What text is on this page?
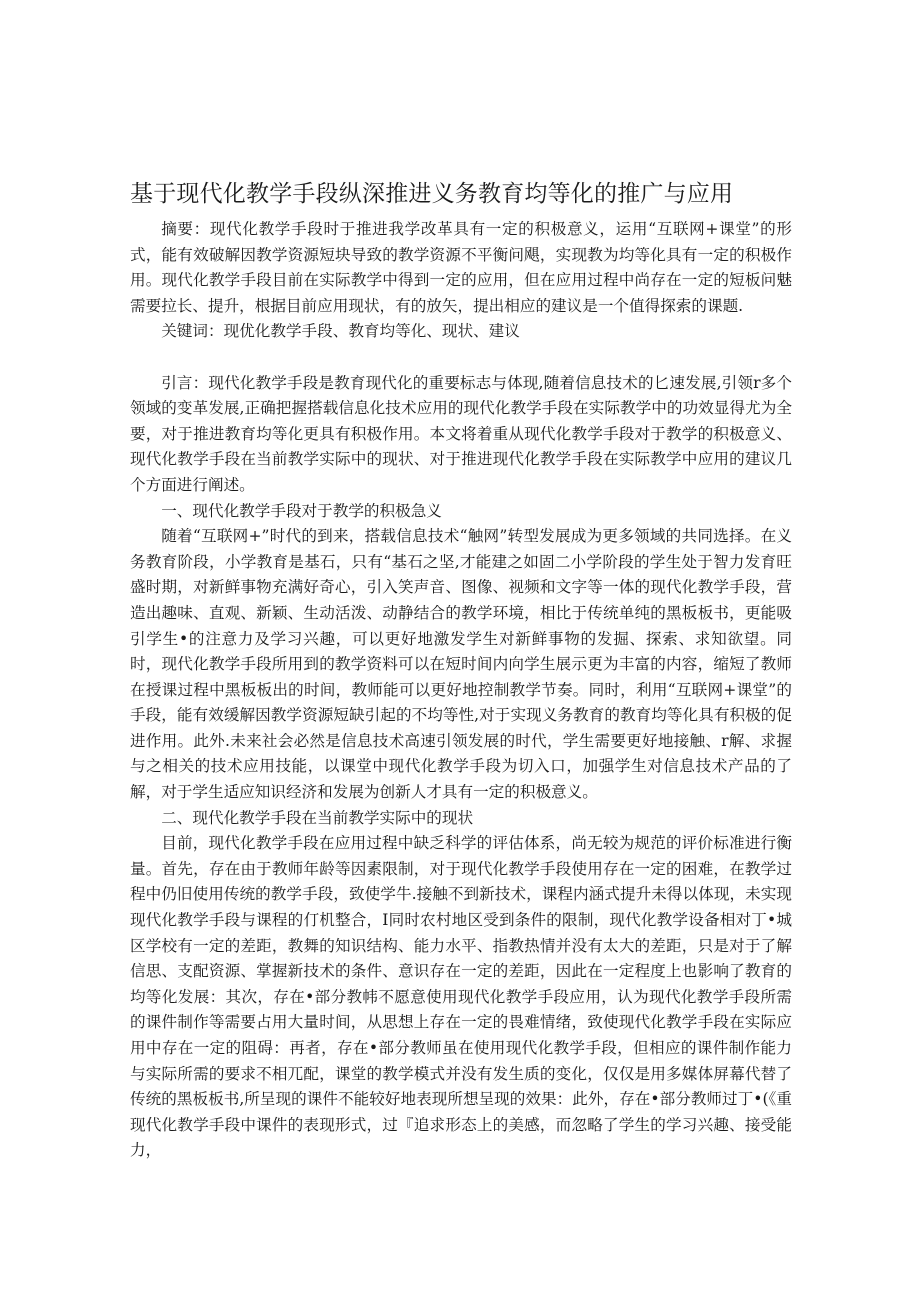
基于现代化教学手段纵深推进义务教育均等化的推广与应用

摘要：现代化教学手段时于推进我学改革具有一定的积极意义，运用“互联网+课堂”的形式，能有效破解因教学资源短块导致的教学资源不平衡问飓，实现教为均等化具有一定的积极作用。现代化教学手段目前在实际教学中得到一定的应用，但在应用过程中尚存在一定的短板问魅需要拉长、提升，根据目前应用现状，有的放矢，提出相应的建议是一个值得探索的课题.

关键词：现优化教学手段、教育均等化、现状、建议

引言：现代化教学手段是教育现代化的重要标志与体现,随着信息技术的匕速发展,引领r多个领域的变革发展,正确把握搭载信息化技术应用的现代化教学手段在实际教学中的功效显得尤为全要，对于推进教育均等化更具有积极作用。本文将着重从现代化教学手段对于教学的积极意义、现代化教学手段在当前教学实际中的现状、对于推进现代化教学手段在实际教学中应用的建议几个方面进行阐述。

一、现代化教学手段对于教学的积极急义

随着“互联网+”时代的到来，搭载信息技术“触网”转型发展成为更多领域的共同选择。在义务教育阶段，小学教育是基石，只有“基石之坚,才能建之如固二小学阶段的学生处于智力发育旺盛时期，对新鲜事物充满好奇心，引入笑声音、图像、视频和文字等一体的现代化教学手段，营造出趣味、直观、新颖、生动活泼、动静结合的教学环境，相比于传统单纯的黑板板书，更能吸引学生•的注意力及学习兴趣，可以更好地激发学生对新鲜事物的发掘、探索、求知欲望。同时，现代化教学手段所用到的教学资料可以在短时间内向学生展示更为丰富的内容，缩短了教师在授课过程中黑板板出的时间，教师能可以更好地控制教学节奏。同时，利用“互联网+课堂”的手段，能有效缓解因教学资源短缺引起的不均等性,对于实现义务教育的教育均等化具有积极的促进作用。此外.未来社会必然是信息技术高速引领发展的时代，学生需要更好地接触、r解、求握与之相关的技术应用技能，以课堂中现代化教学手段为切入口，加强学生对信息技术产品的了解，对于学生适应知识经济和发展为创新人才具有一定的积极意义。

二、现代化教学手段在当前教学实际中的现状

目前，现代化教学手段在应用过程中缺乏科学的评估体系，尚无较为规范的评价标准进行衡量。首先，存在由于教师年龄等因素限制，对于现代化教学手段使用存在一定的困难，在教学过程中仍旧使用传统的教学手段，致使学牛.接触不到新技术，课程内涵式提升未得以体现，未实现现代化教学手段与课程的仃机整合，I同时农村地区受到条件的限制，现代化教学设备相对丁•城区学校有一定的差距，教舞的知识结构、能力水平、指教热情并没有太大的差距，只是对于了解信思、支配资源、掌握新技术的条件、意识存在一定的差距，因此在一定程度上也影响了教育的均等化发展：其次，存在•部分教帏不愿意使用现代化教学手段应用，认为现代化教学手段所需的课件制作等需要占用大量时间，从思想上存在一定的畏难情绪，致使现代化教学手段在实际应用中存在一定的阻碍：再者，存在•部分教师虽在使用现代化教学手段，但相应的课件制作能力与实际所需的要求不相兀配，课堂的教学模式并没有发生质的变化，仅仅是用多媒体屏幕代替了传统的黑板板书,所呈现的课件不能较好地表现所想呈现的效果：此外，存在•部分教师过丁•(《重现代化教学手段中课件的表现形式，过『追求形态上的美感，而忽略了学生的学习兴趣、接受能力，
